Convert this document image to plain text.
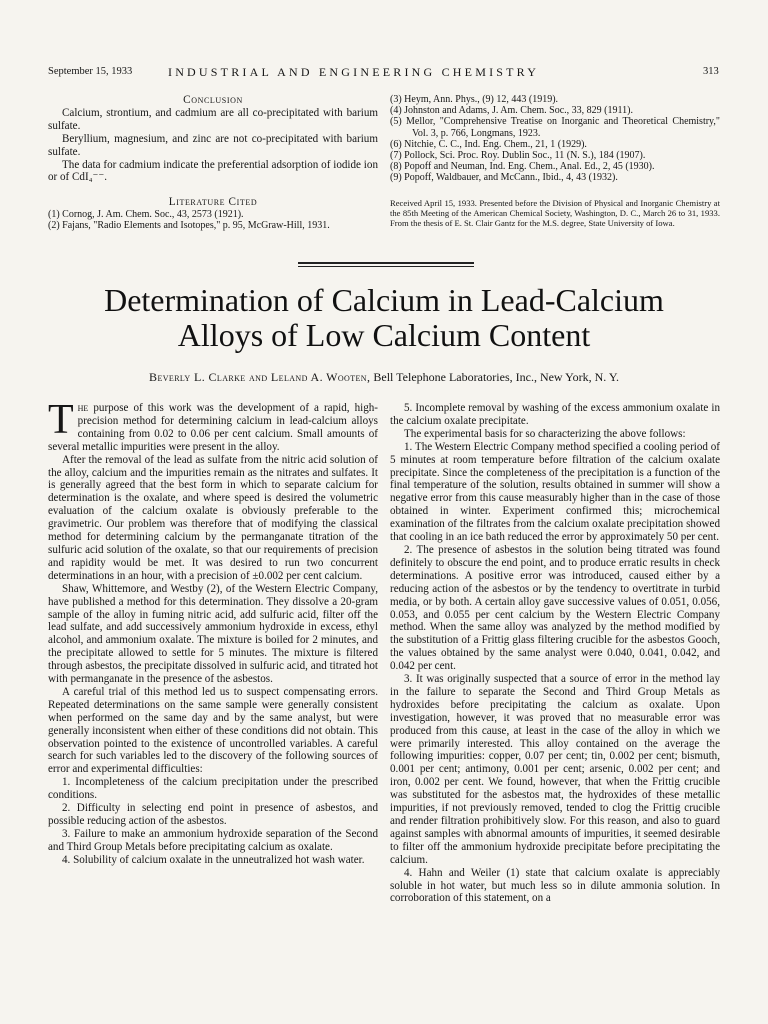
September 15, 1933	INDUSTRIAL AND ENGINEERING CHEMISTRY	313

Conclusion

Calcium, strontium, and cadmium are all co-precipitated with barium sulfate.

Beryllium, magnesium, and zinc are not co-precipitated with barium sulfate.

The data for cadmium indicate the preferential adsorption of iodide ion or of CdI₄⁻⁻.

Literature Cited

(1) Cornog, J. Am. Chem. Soc., 43, 2573 (1921).

(2) Fajans, "Radio Elements and Isotopes," p. 95, McGraw-Hill, 1931.

(3) Heym, Ann. Phys., (9) 12, 443 (1919).

(4) Johnston and Adams, J. Am. Chem. Soc., 33, 829 (1911).

(5) Mellor, "Comprehensive Treatise on Inorganic and Theoretical Chemistry," Vol. 3, p. 766, Longmans, 1923.

(6) Nitchie, C. C., Ind. Eng. Chem., 21, 1 (1929).

(7) Pollock, Sci. Proc. Roy. Dublin Soc., 11 (N. S.), 184 (1907).

(8) Popoff and Neuman, Ind. Eng. Chem., Anal. Ed., 2, 45 (1930).

(9) Popoff, Waldbauer, and McCann., Ibid., 4, 43 (1932).

Received April 15, 1933. Presented before the Division of Physical and Inorganic Chemistry at the 85th Meeting of the American Chemical Society, Washington, D. C., March 26 to 31, 1933. From the thesis of E. St. Clair Gantz for the M.S. degree, State University of Iowa.

Determination of Calcium in Lead-Calcium
Alloys of Low Calcium Content
Beverly L. Clarke and Leland A. Wooten, Bell Telephone Laboratories, Inc., New York, N. Y.

The purpose of this work was the development of a rapid, high-precision method for determining calcium in lead-calcium alloys containing from 0.02 to 0.06 per cent calcium. Small amounts of several metallic impurities were present in the alloy.

After the removal of the lead as sulfate from the nitric acid solution of the alloy, calcium and the impurities remain as the nitrates and sulfates. It is generally agreed that the best form in which to separate calcium for determination is the oxalate, and where speed is desired the volumetric evaluation of the calcium oxalate is obviously preferable to the gravimetric. Our problem was therefore that of modifying the classical method for determining calcium by the permanganate titration of the sulfuric acid solution of the oxalate, so that our requirements of precision and rapidity would be met. It was desired to run two concurrent determinations in an hour, with a precision of ±0.002 per cent calcium.

Shaw, Whittemore, and Westby (2), of the Western Electric Company, have published a method for this determination. They dissolve a 20-gram sample of the alloy in fuming nitric acid, add sulfuric acid, filter off the lead sulfate, and add successively ammonium hydroxide in excess, ethyl alcohol, and ammonium oxalate. The mixture is boiled for 2 minutes, and the precipitate allowed to settle for 5 minutes. The mixture is filtered through asbestos, the precipitate dissolved in sulfuric acid, and titrated hot with permanganate in the presence of the asbestos.

A careful trial of this method led us to suspect compensating errors. Repeated determinations on the same sample were generally consistent when performed on the same day and by the same analyst, but were generally inconsistent when either of these conditions did not obtain. This observation pointed to the existence of uncontrolled variables. A careful search for such variables led to the discovery of the following sources of error and experimental difficulties:

1. Incompleteness of the calcium precipitation under the prescribed conditions.

2. Difficulty in selecting end point in presence of asbestos, and possible reducing action of the asbestos.

3. Failure to make an ammonium hydroxide separation of the Second and Third Group Metals before precipitating calcium as oxalate.

4. Solubility of calcium oxalate in the unneutralized hot wash water.

5. Incomplete removal by washing of the excess ammonium oxalate in the calcium oxalate precipitate.

The experimental basis for so characterizing the above follows:

1. The Western Electric Company method specified a cooling period of 5 minutes at room temperature before filtration of the calcium oxalate precipitate. Since the completeness of the precipitation is a function of the final temperature of the solution, results obtained in summer will show a negative error from this cause measurably higher than in the case of those obtained in winter. Experiment confirmed this; microchemical examination of the filtrates from the calcium oxalate precipitation showed that cooling in an ice bath reduced the error by approximately 50 per cent.

2. The presence of asbestos in the solution being titrated was found definitely to obscure the end point, and to produce erratic results in check determinations. A positive error was introduced, caused either by a reducing action of the asbestos or by the tendency to overtitrate in turbid media, or by both. A certain alloy gave successive values of 0.051, 0.056, 0.053, and 0.055 per cent calcium by the Western Electric Company method. When the same alloy was analyzed by the method modified by the substitution of a Frittig glass filtering crucible for the asbestos Gooch, the values obtained by the same analyst were 0.040, 0.041, 0.042, and 0.042 per cent.

3. It was originally suspected that a source of error in the method lay in the failure to separate the Second and Third Group Metals as hydroxides before precipitating the calcium as oxalate. Upon investigation, however, it was proved that no measurable error was produced from this cause, at least in the case of the alloy in which we were primarily interested. This alloy contained on the average the following impurities: copper, 0.07 per cent; tin, 0.002 per cent; bismuth, 0.001 per cent; antimony, 0.001 per cent; arsenic, 0.002 per cent; and iron, 0.002 per cent. We found, however, that when the Frittig crucible was substituted for the asbestos mat, the hydroxides of these metallic impurities, if not previously removed, tended to clog the Frittig crucible and render filtration prohibitively slow. For this reason, and also to guard against samples with abnormal amounts of impurities, it seemed desirable to filter off the ammonium hydroxide precipitate before precipitating the calcium.

4. Hahn and Weiler (1) state that calcium oxalate is appreciably soluble in hot water, but much less so in dilute ammonia solution. In corroboration of this statement, on a
